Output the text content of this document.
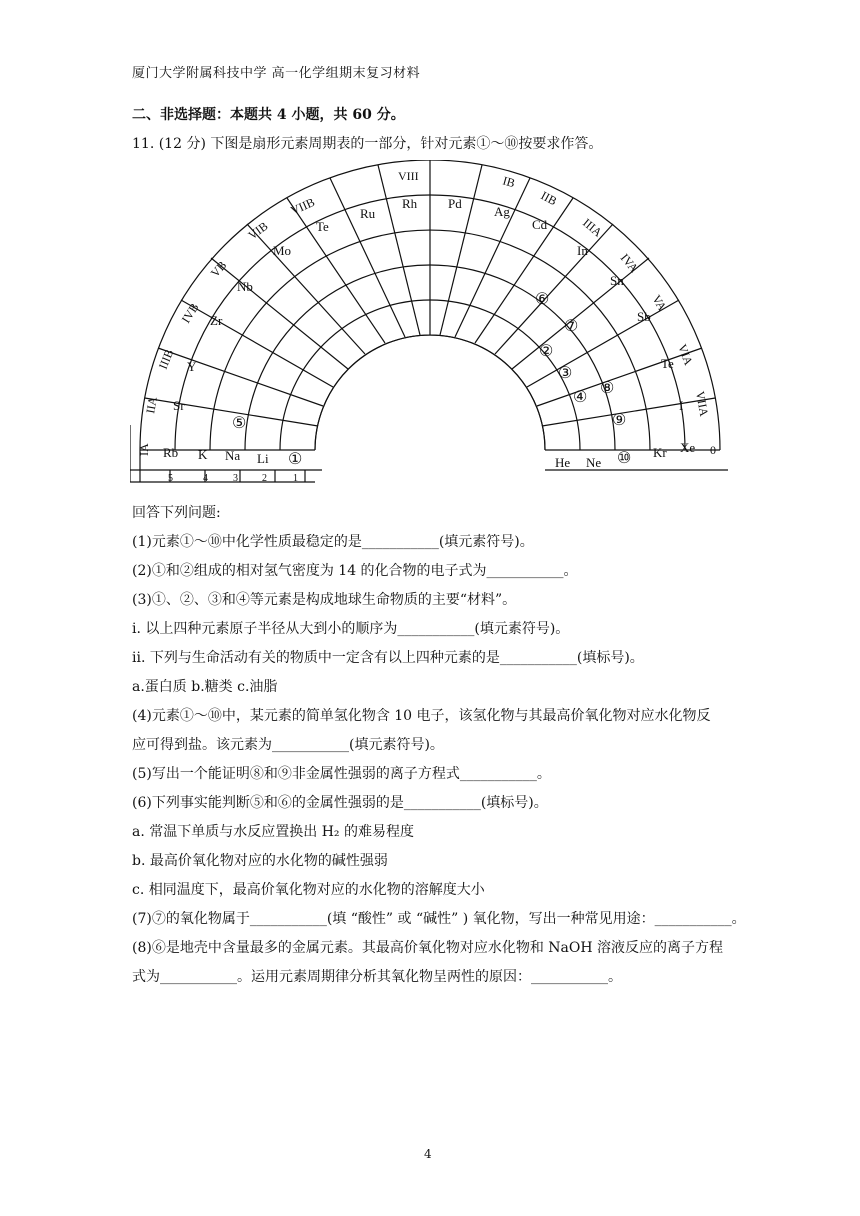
厦门大学附属科技中学 高一化学组期末复习材料
二、非选择题：本题共 4 小题，共 60 分。
11. (12 分) 下图是扇形元素周期表的一部分，针对元素①～⑩按要求作答。
IA
IIA
IIIB
IVB
VB
VIB
VIIB
VIII	IB
IIB
IIIA
IVA
VA
VIA
VIIA
0
5	4	3 2	1
Rb K Na Li ①
Sr
⑤
Y
Zr
Nb
Mo
Te
Ru
Rh Pd
Ag
Cd
In
Sn
Sb
Te
I
Xe
⑥
⑦
②
③
⑧
④
⑨
He Ne ⑩ Kr
回答下列问题:
(1)元素①～⑩中化学性质最稳定的是___________(填元素符号)。
(2)①和②组成的相对氢气密度为 14 的化合物的电子式为___________。
(3)①、②、③和④等元素是构成地球生命物质的主要“材料”。
i. 以上四种元素原子半径从大到小的顺序为___________(填元素符号)。
ii. 下列与生命活动有关的物质中一定含有以上四种元素的是___________(填标号)。
a.蛋白质 b.糖类 c.油脂
(4)元素①～⑩中，某元素的简单氢化物含 10 电子，该氢化物与其最高价氧化物对应水化物反
应可得到盐。该元素为___________(填元素符号)。
(5)写出一个能证明⑧和⑨非金属性强弱的离子方程式___________。
(6)下列事实能判断⑤和⑥的金属性强弱的是___________(填标号)。
a. 常温下单质与水反应置换出 H₂ 的难易程度
b. 最高价氧化物对应的水化物的碱性强弱
c. 相同温度下，最高价氧化物对应的水化物的溶解度大小
(7)⑦的氧化物属于___________(填 “酸性” 或 “碱性” ) 氧化物，写出一种常见用途：___________。
(8)⑥是地壳中含量最多的金属元素。其最高价氧化物对应水化物和 NaOH 溶液反应的离子方程
式为___________。运用元素周期律分析其氧化物呈两性的原因：___________。
4
